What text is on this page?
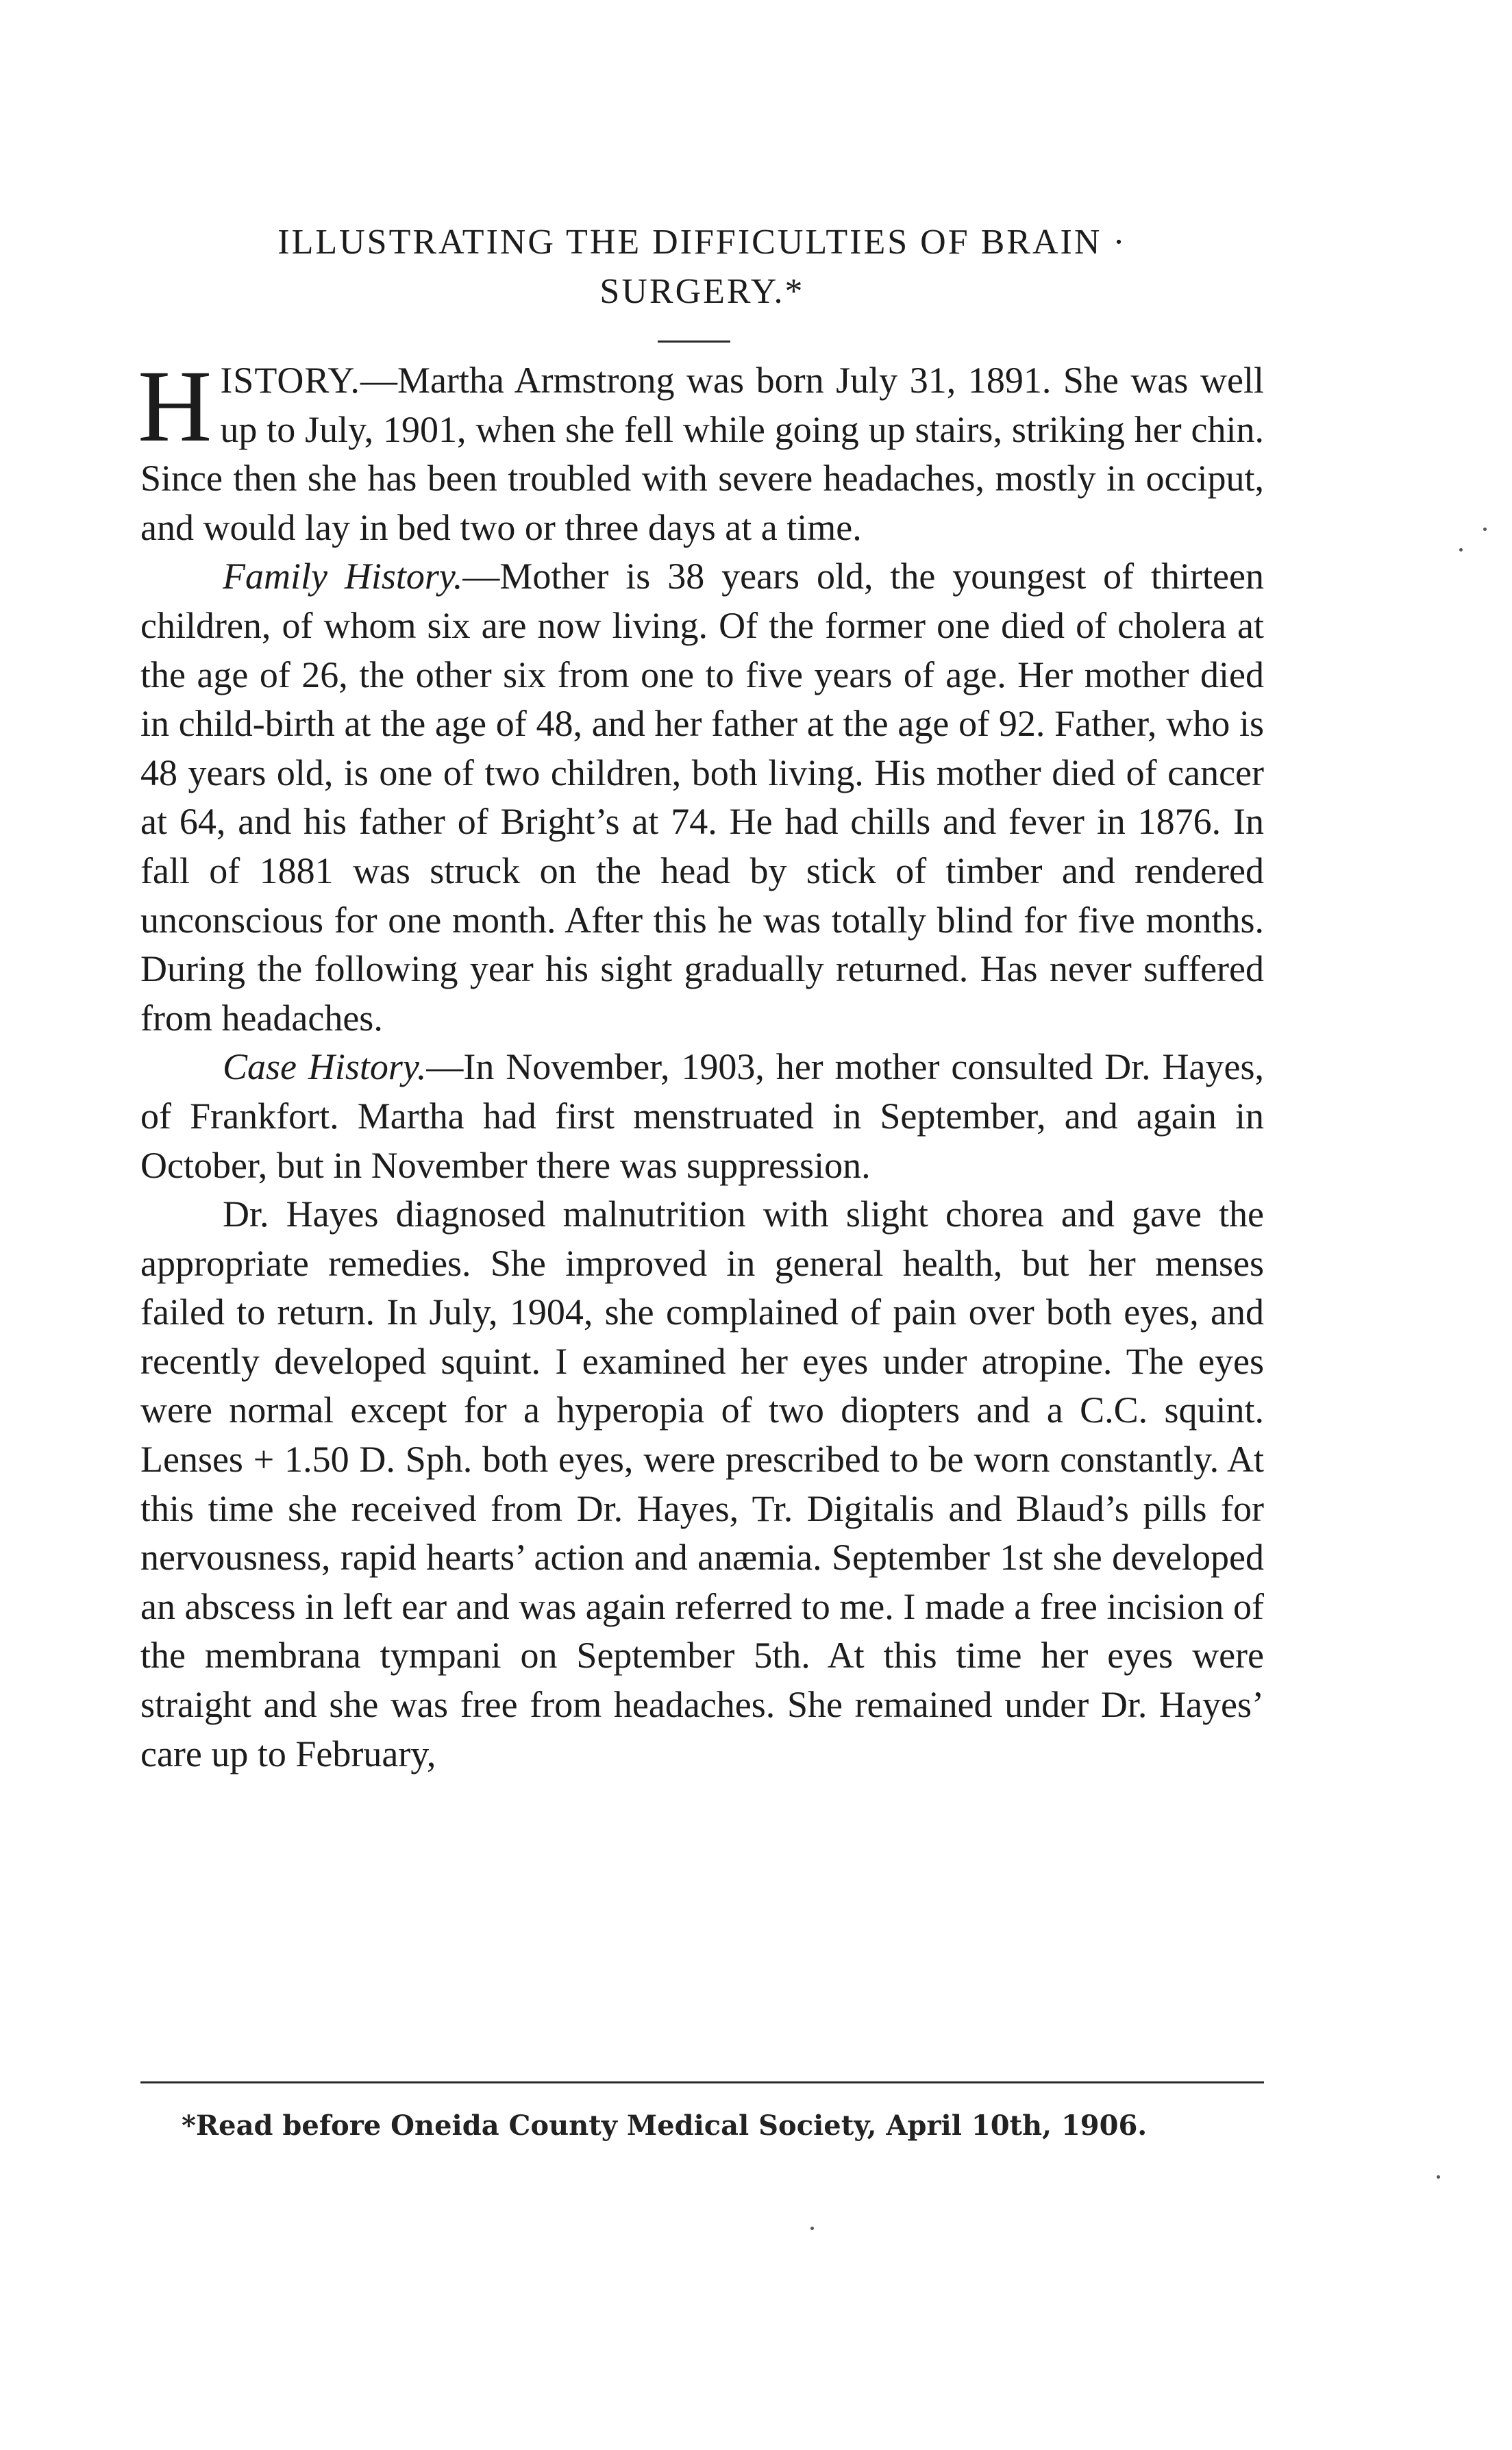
ILLUSTRATING THE DIFFICULTIES OF BRAIN ·
SURGERY.*

HISTORY.—Martha Armstrong was born July 31, 1891. She was well up to July, 1901, when she fell while going up stairs, striking her chin. Since then she has been troubled with severe headaches, mostly in occiput, and would lay in bed two or three days at a time.

Family History.—Mother is 38 years old, the youngest of thirteen children, of whom six are now living. Of the former one died of cholera at the age of 26, the other six from one to five years of age. Her mother died in child-birth at the age of 48, and her father at the age of 92. Father, who is 48 years old, is one of two children, both living. His mother died of cancer at 64, and his father of Bright’s at 74. He had chills and fever in 1876. In fall of 1881 was struck on the head by stick of timber and rendered unconscious for one month. After this he was totally blind for five months. During the following year his sight gradually returned. Has never suffered from headaches.

Case History.—In November, 1903, her mother consulted Dr. Hayes, of Frankfort. Martha had first menstruated in September, and again in October, but in November there was suppression.

Dr. Hayes diagnosed malnutrition with slight chorea and gave the appropriate remedies. She improved in general health, but her menses failed to return. In July, 1904, she complained of pain over both eyes, and recently developed squint. I examined her eyes under atropine. The eyes were normal except for a hyperopia of two diopters and a C.C. squint. Lenses + 1.50 D. Sph. both eyes, were prescribed to be worn constantly. At this time she received from Dr. Hayes, Tr. Digitalis and Blaud’s pills for nervousness, rapid hearts’ action and anæmia. September 1st she developed an abscess in left ear and was again referred to me. I made a free incision of the membrana tympani on September 5th. At this time her eyes were straight and she was free from headaches. She remained under Dr. Hayes’ care up to February,

*Read before Oneida County Medical Society, April 10th, 1906.
